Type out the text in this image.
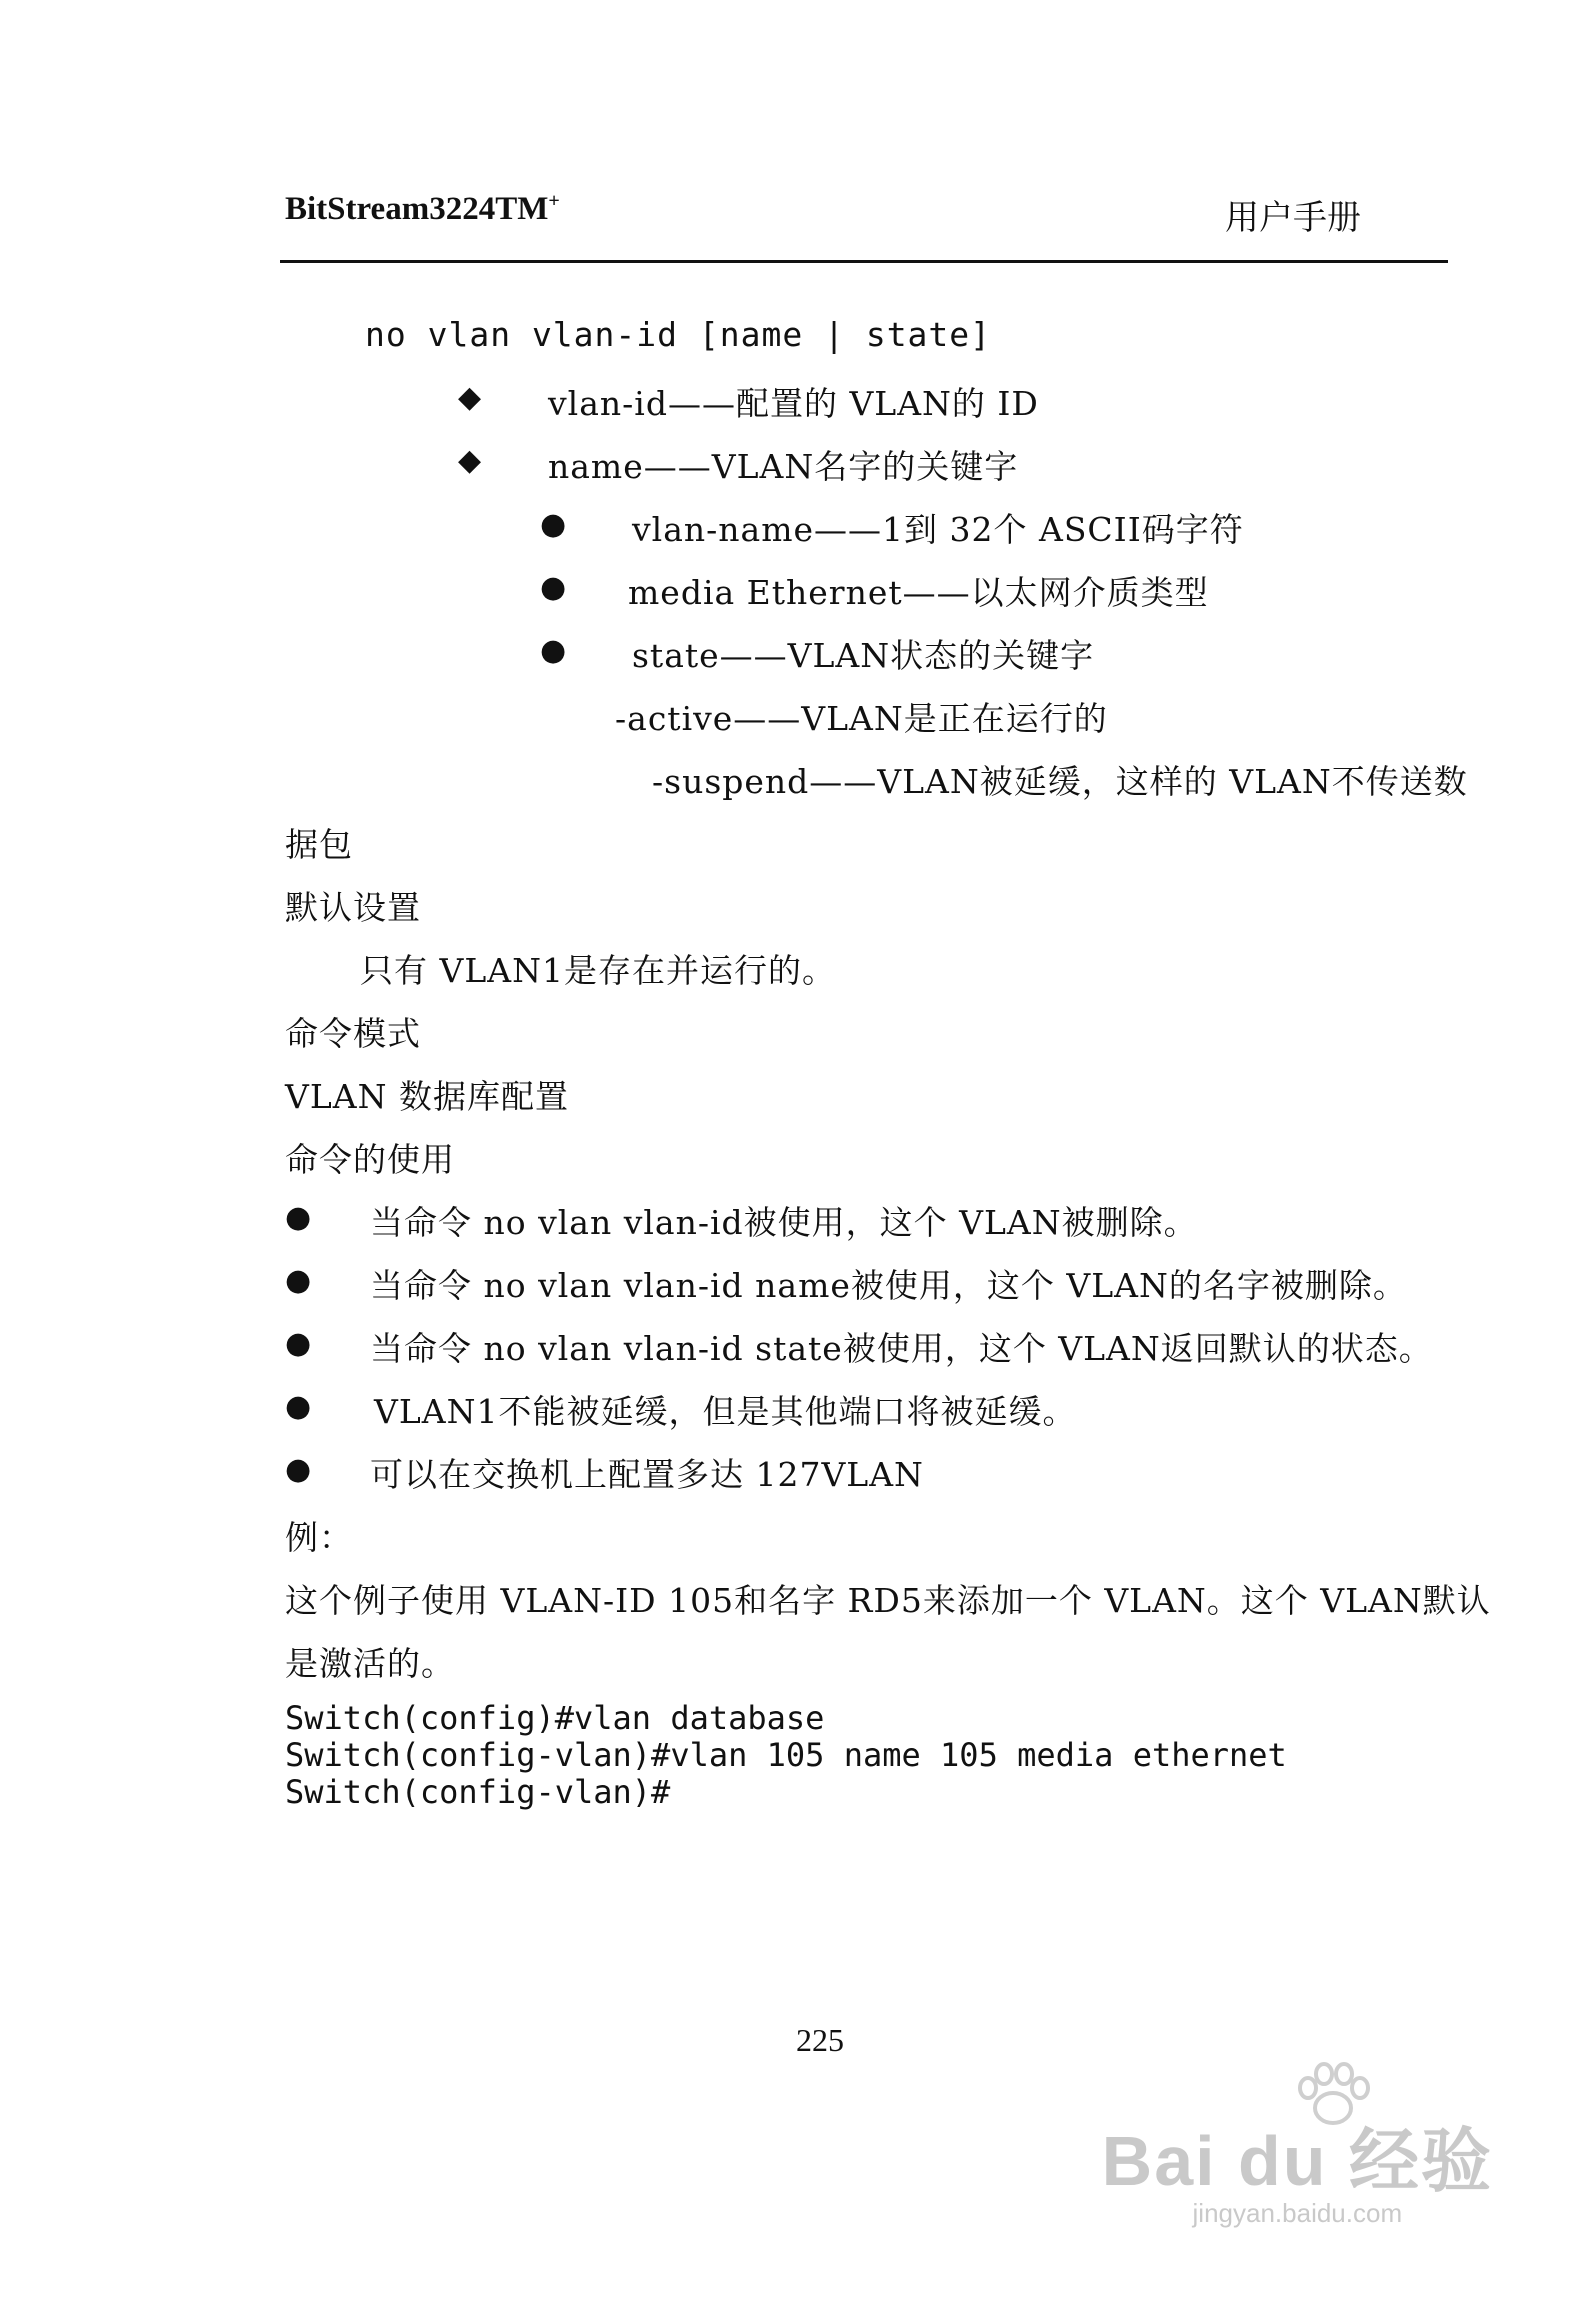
BitStream3224TM+	用户手册
no vlan vlan-id [name | state]
◆ vlan-id——配置的 VLAN的 ID
◆ name——VLAN名字的关键字
● vlan-name——1到 32个 ASCII码字符
● media Ethernet——以太网介质类型
● state——VLAN状态的关键字
-active——VLAN是正在运行的
-suspend——VLAN被延缓，这样的 VLAN不传送数
据包
默认设置
只有 VLAN1是存在并运行的。
命令模式
VLAN 数据库配置
命令的使用
● 当命令 no vlan vlan-id被使用，这个 VLAN被删除。
● 当命令 no vlan vlan-id name被使用，这个 VLAN的名字被删除。
● 当命令 no vlan vlan-id state被使用，这个 VLAN返回默认的状态。
● VLAN1不能被延缓，但是其他端口将被延缓。
● 可以在交换机上配置多达 127VLAN
例：
这个例子使用 VLAN-ID 105和名字 RD5来添加一个 VLAN。这个 VLAN默认
是激活的。
Switch(config)#vlan database
Switch(config-vlan)#vlan 105 name 105 media ethernet
Switch(config-vlan)#
225
Bai du 经验
jingyan.baidu.com
